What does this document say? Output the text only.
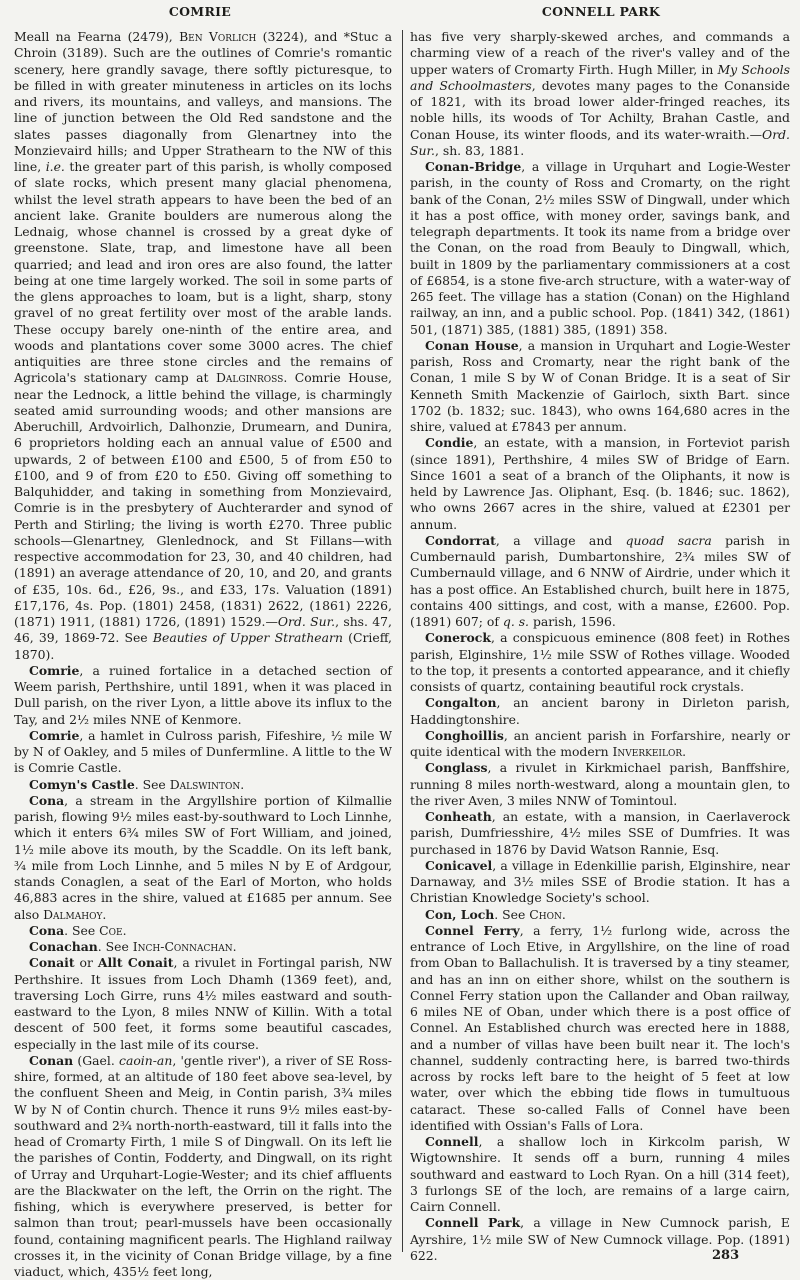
COMRIE	CONNELL PARK

Meall na Fearna (2479), Ben Vorlich (3224), and *Stuc a Chroin (3189). Such are the outlines of Comrie's romantic scenery, here grandly savage, there softly picturesque, to be filled in with greater minuteness in articles on its lochs and rivers, its mountains, and valleys, and mansions. The line of junction between the Old Red sandstone and the slates passes diagonally from Glenartney into the Monzievaird hills; and Upper Strathearn to the NW of this line, i.e. the greater part of this parish, is wholly composed of slate rocks, which present many glacial phenomena, whilst the level strath appears to have been the bed of an ancient lake. Granite boulders are numerous along the Lednaig, whose channel is crossed by a great dyke of greenstone. Slate, trap, and limestone have all been quarried; and lead and iron ores are also found, the latter being at one time largely worked. The soil in some parts of the glens approaches to loam, but is a light, sharp, stony gravel of no great fertility over most of the arable lands. These occupy barely one-ninth of the entire area, and woods and plantations cover some 3000 acres. The chief antiquities are three stone circles and the remains of Agricola's stationary camp at Dalginross. Comrie House, near the Lednock, a little behind the village, is charmingly seated amid surrounding woods; and other mansions are Aberuchill, Ardvoirlich, Dalhonzie, Drumearn, and Dunira, 6 proprietors holding each an annual value of £500 and upwards, 2 of between £100 and £500, 5 of from £50 to £100, and 9 of from £20 to £50. Giving off something to Balquhidder, and taking in something from Monzievaird, Comrie is in the presbytery of Auchterarder and synod of Perth and Stirling; the living is worth £270. Three public schools—Glenartney, Glenlednock, and St Fillans—with respective accommodation for 23, 30, and 40 children, had (1891) an average attendance of 20, 10, and 20, and grants of £35, 10s. 6d., £26, 9s., and £33, 17s. Valuation (1891) £17,176, 4s. Pop. (1801) 2458, (1831) 2622, (1861) 2226, (1871) 1911, (1881) 1726, (1891) 1529.—Ord. Sur., shs. 47, 46, 39, 1869-72. See Beauties of Upper Strathearn (Crieff, 1870).

Comrie, a ruined fortalice in a detached section of Weem parish, Perthshire, until 1891, when it was placed in Dull parish, on the river Lyon, a little above its influx to the Tay, and 2½ miles NNE of Kenmore.

Comrie, a hamlet in Culross parish, Fifeshire, ½ mile W by N of Oakley, and 5 miles of Dunfermline. A little to the W is Comrie Castle.

Comyn's Castle. See Dalswinton.

Cona, a stream in the Argyllshire portion of Kilmallie parish, flowing 9½ miles east-by-southward to Loch Linnhe, which it enters 6¾ miles SW of Fort William, and joined, 1½ mile above its mouth, by the Scaddle. On its left bank, ¾ mile from Loch Linnhe, and 5 miles N by E of Ardgour, stands Conaglen, a seat of the Earl of Morton, who holds 46,883 acres in the shire, valued at £1685 per annum. See also Dalmahoy.

Cona. See Coe.

Conachan. See Inch-Connachan.

Conait or Allt Conait, a rivulet in Fortingal parish, NW Perthshire. It issues from Loch Dhamh (1369 feet), and, traversing Loch Girre, runs 4½ miles eastward and south-eastward to the Lyon, 8 miles NNW of Killin. With a total descent of 500 feet, it forms some beautiful cascades, especially in the last mile of its course.

Conan (Gael. caoin-an, 'gentle river'), a river of SE Ross-shire, formed, at an altitude of 180 feet above sea-level, by the confluent Sheen and Meig, in Contin parish, 3¾ miles W by N of Contin church. Thence it runs 9½ miles east-by-southward and 2¾ north-north-eastward, till it falls into the head of Cromarty Firth, 1 mile S of Dingwall. On its left lie the parishes of Contin, Fodderty, and Dingwall, on its right of Urray and Urquhart-Logie-Wester; and its chief affluents are the Blackwater on the left, the Orrin on the right. The fishing, which is everywhere preserved, is better for salmon than trout; pearl-mussels have been occasionally found, containing magnificent pearls. The Highland railway crosses it, in the vicinity of Conan Bridge village, by a fine viaduct, which, 435½ feet long,

has five very sharply-skewed arches, and commands a charming view of a reach of the river's valley and of the upper waters of Cromarty Firth. Hugh Miller, in My Schools and Schoolmasters, devotes many pages to the Conanside of 1821, with its broad lower alder-fringed reaches, its noble hills, its woods of Tor Achilty, Brahan Castle, and Conan House, its winter floods, and its water-wraith.—Ord. Sur., sh. 83, 1881.

Conan-Bridge, a village in Urquhart and Logie-Wester parish, in the county of Ross and Cromarty, on the right bank of the Conan, 2½ miles SSW of Dingwall, under which it has a post office, with money order, savings bank, and telegraph departments. It took its name from a bridge over the Conan, on the road from Beauly to Dingwall, which, built in 1809 by the parliamentary commissioners at a cost of £6854, is a stone five-arch structure, with a water-way of 265 feet. The village has a station (Conan) on the Highland railway, an inn, and a public school. Pop. (1841) 342, (1861) 501, (1871) 385, (1881) 385, (1891) 358.

Conan House, a mansion in Urquhart and Logie-Wester parish, Ross and Cromarty, near the right bank of the Conan, 1 mile S by W of Conan Bridge. It is a seat of Sir Kenneth Smith Mackenzie of Gairloch, sixth Bart. since 1702 (b. 1832; suc. 1843), who owns 164,680 acres in the shire, valued at £7843 per annum.

Condie, an estate, with a mansion, in Forteviot parish (since 1891), Perthshire, 4 miles SW of Bridge of Earn. Since 1601 a seat of a branch of the Oliphants, it now is held by Lawrence Jas. Oliphant, Esq. (b. 1846; suc. 1862), who owns 2667 acres in the shire, valued at £2301 per annum.

Condorrat, a village and quoad sacra parish in Cumbernauld parish, Dumbartonshire, 2¾ miles SW of Cumbernauld village, and 6 NNW of Airdrie, under which it has a post office. An Established church, built here in 1875, contains 400 sittings, and cost, with a manse, £2600. Pop. (1891) 607; of q. s. parish, 1596.

Conerock, a conspicuous eminence (808 feet) in Rothes parish, Elginshire, 1½ mile SSW of Rothes village. Wooded to the top, it presents a contorted appearance, and it chiefly consists of quartz, containing beautiful rock crystals.

Congalton, an ancient barony in Dirleton parish, Haddingtonshire.

Conghoillis, an ancient parish in Forfarshire, nearly or quite identical with the modern Inverkeilor.

Conglass, a rivulet in Kirkmichael parish, Banffshire, running 8 miles north-westward, along a mountain glen, to the river Aven, 3 miles NNW of Tomintoul.

Conheath, an estate, with a mansion, in Caerlaverock parish, Dumfriesshire, 4½ miles SSE of Dumfries. It was purchased in 1876 by David Watson Rannie, Esq.

Conicavel, a village in Edenkillie parish, Elginshire, near Darnaway, and 3½ miles SSE of Brodie station. It has a Christian Knowledge Society's school.

Con, Loch. See Chon.

Connel Ferry, a ferry, 1½ furlong wide, across the entrance of Loch Etive, in Argyllshire, on the line of road from Oban to Ballachulish. It is traversed by a tiny steamer, and has an inn on either shore, whilst on the southern is Connel Ferry station upon the Callander and Oban railway, 6 miles NE of Oban, under which there is a post office of Connel. An Established church was erected here in 1888, and a number of villas have been built near it. The loch's channel, suddenly contracting here, is barred two-thirds across by rocks left bare to the height of 5 feet at low water, over which the ebbing tide flows in tumultuous cataract. These so-called Falls of Connel have been identified with Ossian's Falls of Lora.

Connell, a shallow loch in Kirkcolm parish, W Wigtownshire. It sends off a burn, running 4 miles southward and eastward to Loch Ryan. On a hill (314 feet), 3 furlongs SE of the loch, are remains of a large cairn, Cairn Connell.

Connell Park, a village in New Cumnock parish, E Ayrshire, 1½ mile SW of New Cumnock village. Pop. (1891) 622.	283
